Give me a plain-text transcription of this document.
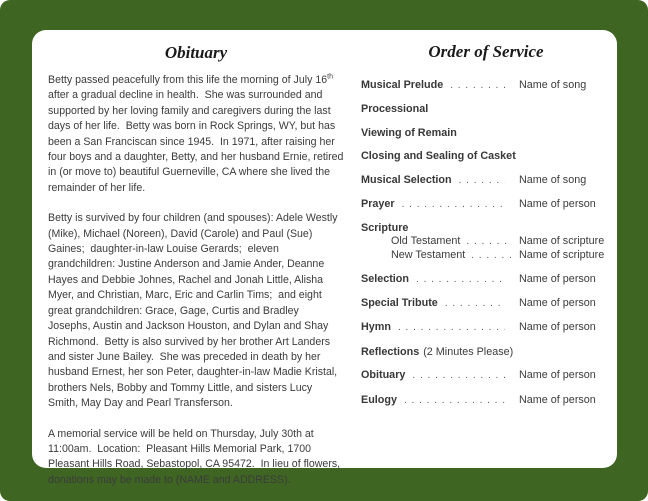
Obituary

Betty passed peacefully from this life the morning of July 16th after a gradual decline in health.  She was surrounded and supported by her loving family and caregivers during the last days of her life.  Betty was born in Rock Springs, WY, but has been a San Franciscan since 1945.  In 1971, after raising her four boys and a daughter, Betty, and her husband Ernie, retired in (or move to) beautiful Guerneville, CA where she lived the remainder of her life.

Betty is survived by four children (and spouses): Adele Westly (Mike), Michael (Noreen), David (Carole) and Paul (Sue) Gaines;  daughter-in-law Louise Gerards;  eleven grandchildren: Justine Anderson and Jamie Ander, Deanne Hayes and Debbie Johnes, Rachel and Jonah Little, Alisha Myer, and Christian, Marc, Eric and Carlin Tims;  and eight great grandchildren: Grace, Gage, Curtis and Bradley Josephs, Austin and Jackson Houston, and Dylan and Shay Richmond.  Betty is also survived by her brother Art Landers and sister June Bailey.  She was preceded in death by her husband Ernest, her son Peter, daughter-in-law Madie Kristal, brothers Nels, Bobby and Tommy Little, and sisters Lucy Smith, May Day and Pearl Transferson.

A memorial service will be held on Thursday, July 30th at 11:00am.  Location:  Pleasant Hills Memorial Park, 1700 Pleasant Hills Road, Sebastopol, CA 95472.  In lieu of flowers, donations may be made to (NAME and ADDRESS).

Order of Service
Musical Prelude . . .	Name of song
Processional
Viewing of Remain
Closing and Sealing of Casket
Musical Selection . . .	Name of song
Prayer . . .	Name of person
Scripture
Old Testament . . .	Name of scripture
New Testament . . .	Name of scripture
Selection . . .	Name of person
Special Tribute . . .	Name of person
Hymn . . .	Name of person
Reflections (2 Minutes Please)
Obituary . . .	Name of person
Eulogy . . .	Name of person
